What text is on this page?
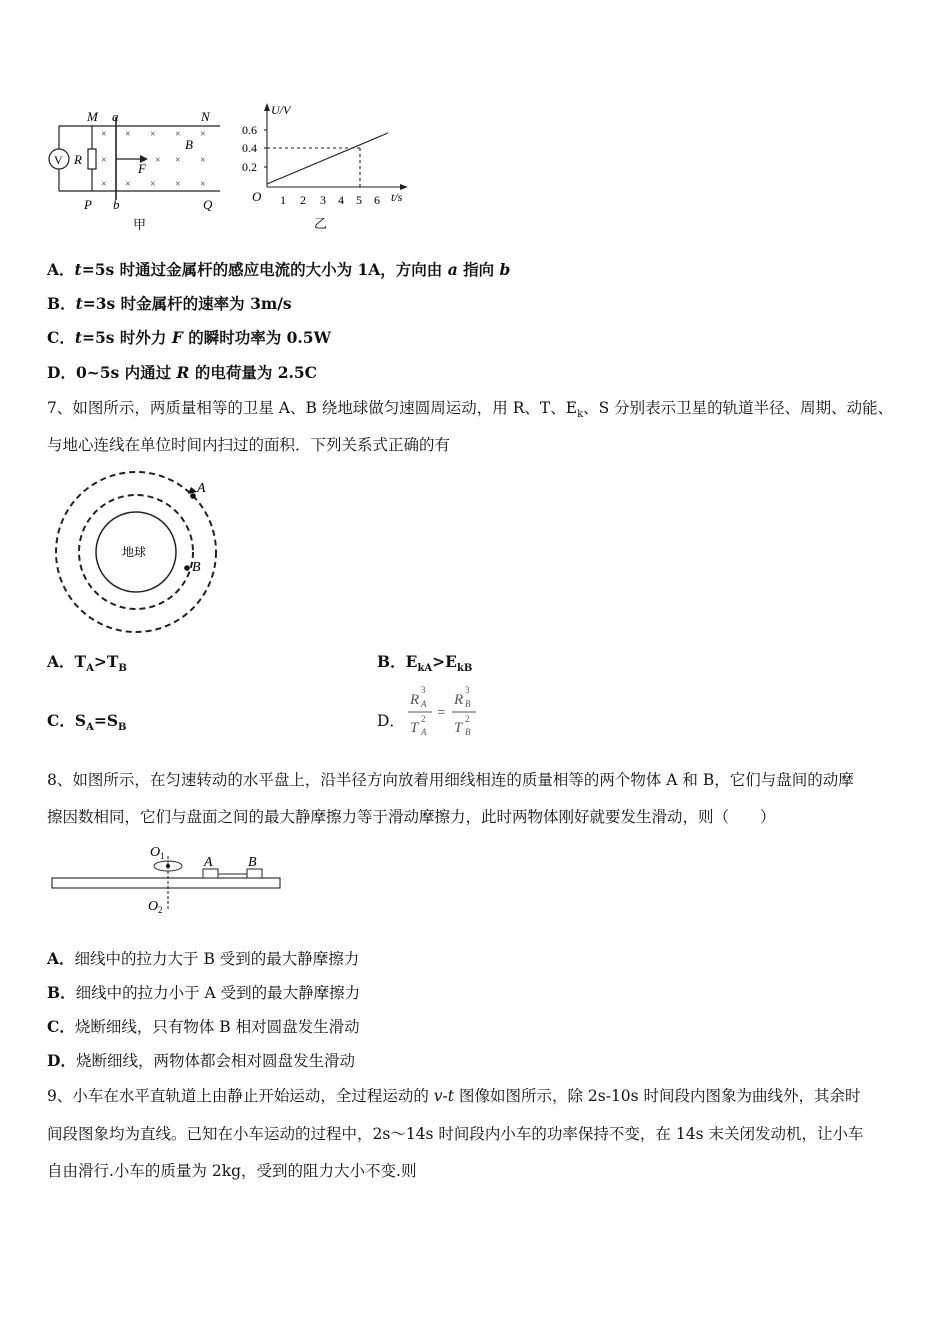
V R
M a	N
P b	Q
F
B
×
×
×
×
×
× × ×
×
×
×
× × ×
甲
U/V
t/s
O
0.6
0.4
0.2
1 2 3 4 5 6
乙
A．t=5s 时通过金属杆的感应电流的大小为 1A，方向由 a 指向 b
B．t=3s 时金属杆的速率为 3m/s
C．t=5s 时外力 F 的瞬时功率为 0.5W
D．0~5s 内通过 R 的电荷量为 2.5C
7、如图所示，两质量相等的卫星 A、B 绕地球做匀速圆周运动，用 R、T、$E_k$、S 分别表示卫星的轨道半径、周期、动能、
与地心连线在单位时间内扫过的面积．下列关系式正确的有
地球
A
B
A．$T_A>T_B$	B．$E_{kA}>E_{kB}$
C．$S_A=S_B$	D．
R
T
R
T
3
A
2
A
3
B
2
B
=
8、如图所示，在匀速转动的水平盘上，沿半径方向放着用细线相连的质量相等的两个物体 A 和 B，它们与盘间的动摩
擦因数相同，它们与盘面之间的最大静摩擦力等于滑动摩擦力，此时两物体刚好就要发生滑动，则（　　）
O 1
O 2
A	B
A．细线中的拉力大于 B 受到的最大静摩擦力
B．细线中的拉力小于 A 受到的最大静摩擦力
C．烧断细线，只有物体 B 相对圆盘发生滑动
D．烧断细线，两物体都会相对圆盘发生滑动
9、小车在水平直轨道上由静止开始运动，全过程运动的 v-t 图像如图所示，除 2s-10s 时间段内图象为曲线外，其余时
间段图象均为直线。已知在小车运动的过程中，2s～14s 时间段内小车的功率保持不变，在 14s 末关闭发动机，让小车
自由滑行.小车的质量为 2kg，受到的阻力大小不变.则
